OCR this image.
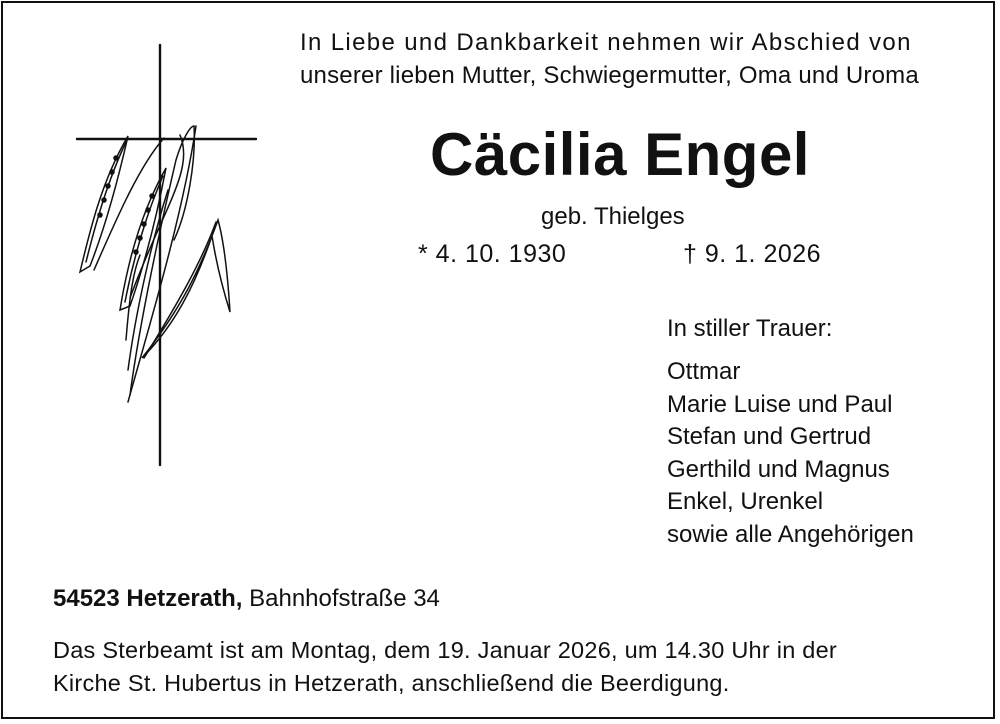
In Liebe und Dankbarkeit nehmen wir Abschied von
unserer lieben Mutter, Schwiegermutter, Oma und Uroma
Cäcilia Engel
geb. Thielges
* 4. 10. 1930	† 9. 1. 2026
In stiller Trauer:
Ottmar
Marie Luise und Paul
Stefan und Gertrud
Gerthild und Magnus
Enkel, Urenkel
sowie alle Angehörigen
54523 Hetzerath, Bahnhofstraße 34
Das Sterbeamt ist am Montag, dem 19. Januar 2026, um 14.30 Uhr in der
Kirche St. Hubertus in Hetzerath, anschließend die Beerdigung.
